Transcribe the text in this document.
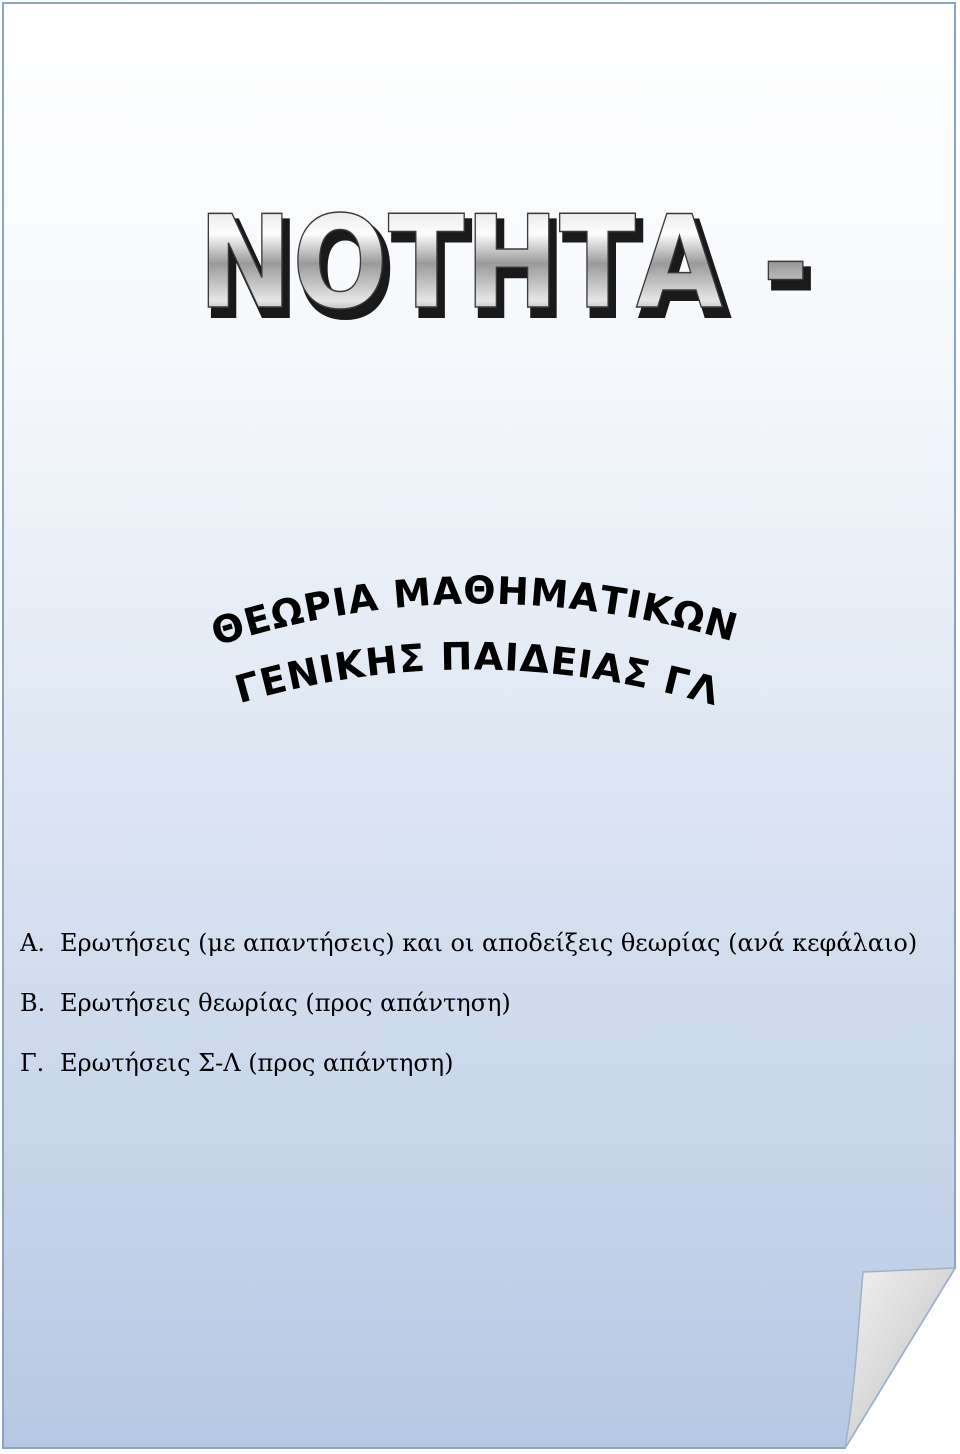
ΝΟΤΗΤΑ -
ΝΟΤΗΤΑ -
ΘΕΩΡΙΑ ΜΑΘΗΜΑΤΙΚΩΝ
ΓΕΝΙΚΗΣ ΠΑΙΔΕΙΑΣ ΓΛ
Α. Ερωτήσεις (με απαντήσεις) και οι αποδείξεις θεωρίας (ανά κεφάλαιο)
Β. Ερωτήσεις θεωρίας (προς απάντηση)
Γ. Ερωτήσεις Σ-Λ (προς απάντηση)
